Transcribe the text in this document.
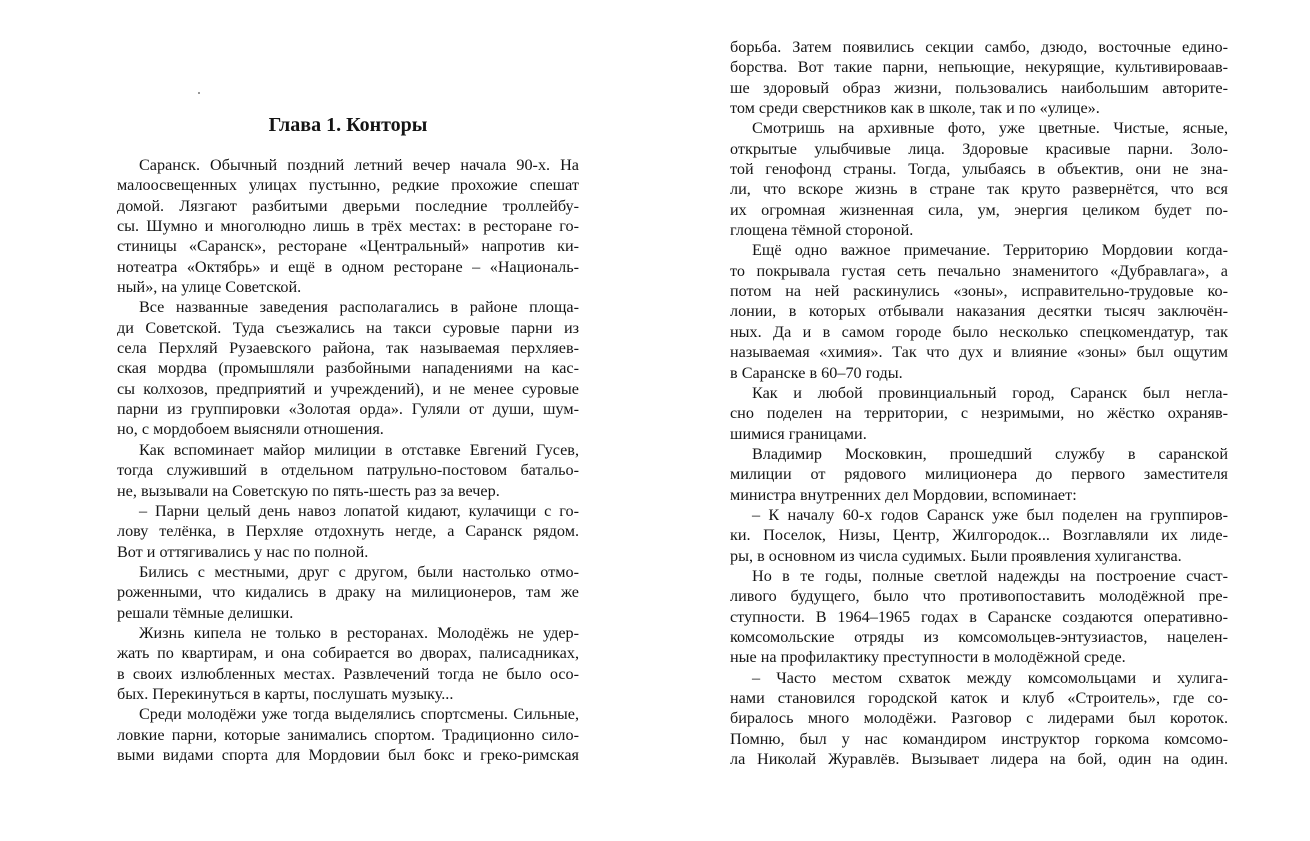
Глава 1. Конторы
Саранск. Обычный поздний летний вечер начала 90-х. На
малоосвещенных улицах пустынно, редкие прохожие спешат
домой. Лязгают разбитыми дверьми последние троллейбу-
сы. Шумно и многолюдно лишь в трёх местах: в ресторане го-
стиницы «Саранск», ресторане «Центральный» напротив ки-
нотеатра «Октябрь» и ещё в одном ресторане – «Националь-
ный», на улице Советской.
Все названные заведения располагались в районе площа-
ди Советской. Туда съезжались на такси суровые парни из
села Перхляй Рузаевского района, так называемая перхляев-
ская мордва (промышляли разбойными нападениями на кас-
сы колхозов, предприятий и учреждений), и не менее суровые
парни из группировки «Золотая орда». Гуляли от души, шум-
но, с мордобоем выясняли отношения.
Как вспоминает майор милиции в отставке Евгений Гусев,
тогда служивший в отдельном патрульно-постовом батальо-
не, вызывали на Советскую по пять-шесть раз за вечер.
– Парни целый день навоз лопатой кидают, кулачищи с го-
лову телёнка, в Перхляе отдохнуть негде, а Саранск рядом.
Вот и оттягивались у нас по полной.
Бились с местными, друг с другом, были настолько отмо-
роженными, что кидались в драку на милиционеров, там же
решали тёмные делишки.
Жизнь кипела не только в ресторанах. Молодёжь не удер-
жать по квартирам, и она собирается во дворах, палисадниках,
в своих излюбленных местах. Развлечений тогда не было осо-
бых. Перекинуться в карты, послушать музыку...
Среди молодёжи уже тогда выделялись спортсмены. Сильные,
ловкие парни, которые занимались спортом. Традиционно сило-
выми видами спорта для Мордовии был бокс и греко-римская
борьба. Затем появились секции самбо, дзюдо, восточные едино-
борства. Вот такие парни, непьющие, некурящие, культивироваав-
ше здоровый образ жизни, пользовались наибольшим авторите-
том среди сверстников как в школе, так и по «улице».
Смотришь на архивные фото, уже цветные. Чистые, ясные,
открытые улыбчивые лица. Здоровые красивые парни. Золо-
той генофонд страны. Тогда, улыбаясь в объектив, они не зна-
ли, что вскоре жизнь в стране так круто развернётся, что вся
их огромная жизненная сила, ум, энергия целиком будет по-
глощена тёмной стороной.
Ещё одно важное примечание. Территорию Мордовии когда-
то покрывала густая сеть печально знаменитого «Дубравлага», а
потом на ней раскинулись «зоны», исправительно-трудовые ко-
лонии, в которых отбывали наказания десятки тысяч заключён-
ных. Да и в самом городе было несколько спецкомендатур, так
называемая «химия». Так что дух и влияние «зоны» был ощутим
в Саранске в 60–70 годы.
Как и любой провинциальный город, Саранск был негла-
сно поделен на территории, с незримыми, но жёстко охраняв-
шимися границами.
Владимир Московкин, прошедший службу в саранской
милиции от рядового милиционера до первого заместителя
министра внутренних дел Мордовии, вспоминает:
– К началу 60-х годов Саранск уже был поделен на группиров-
ки. Поселок, Низы, Центр, Жилгородок... Возглавляли их лиде-
ры, в основном из числа судимых. Были проявления хулиганства.
Но в те годы, полные светлой надежды на построение счаст-
ливого будущего, было что противопоставить молодёжной пре-
ступности. В 1964–1965 годах в Саранске создаются оперативно-
комсомольские отряды из комсомольцев-энтузиастов, нацелен-
ные на профилактику преступности в молодёжной среде.
– Часто местом схваток между комсомольцами и хулига-
нами становился городской каток и клуб «Строитель», где со-
биралось много молодёжи. Разговор с лидерами был короток.
Помню, был у нас командиром инструктор горкома комсомо-
ла Николай Журавлёв. Вызывает лидера на бой, один на один.
